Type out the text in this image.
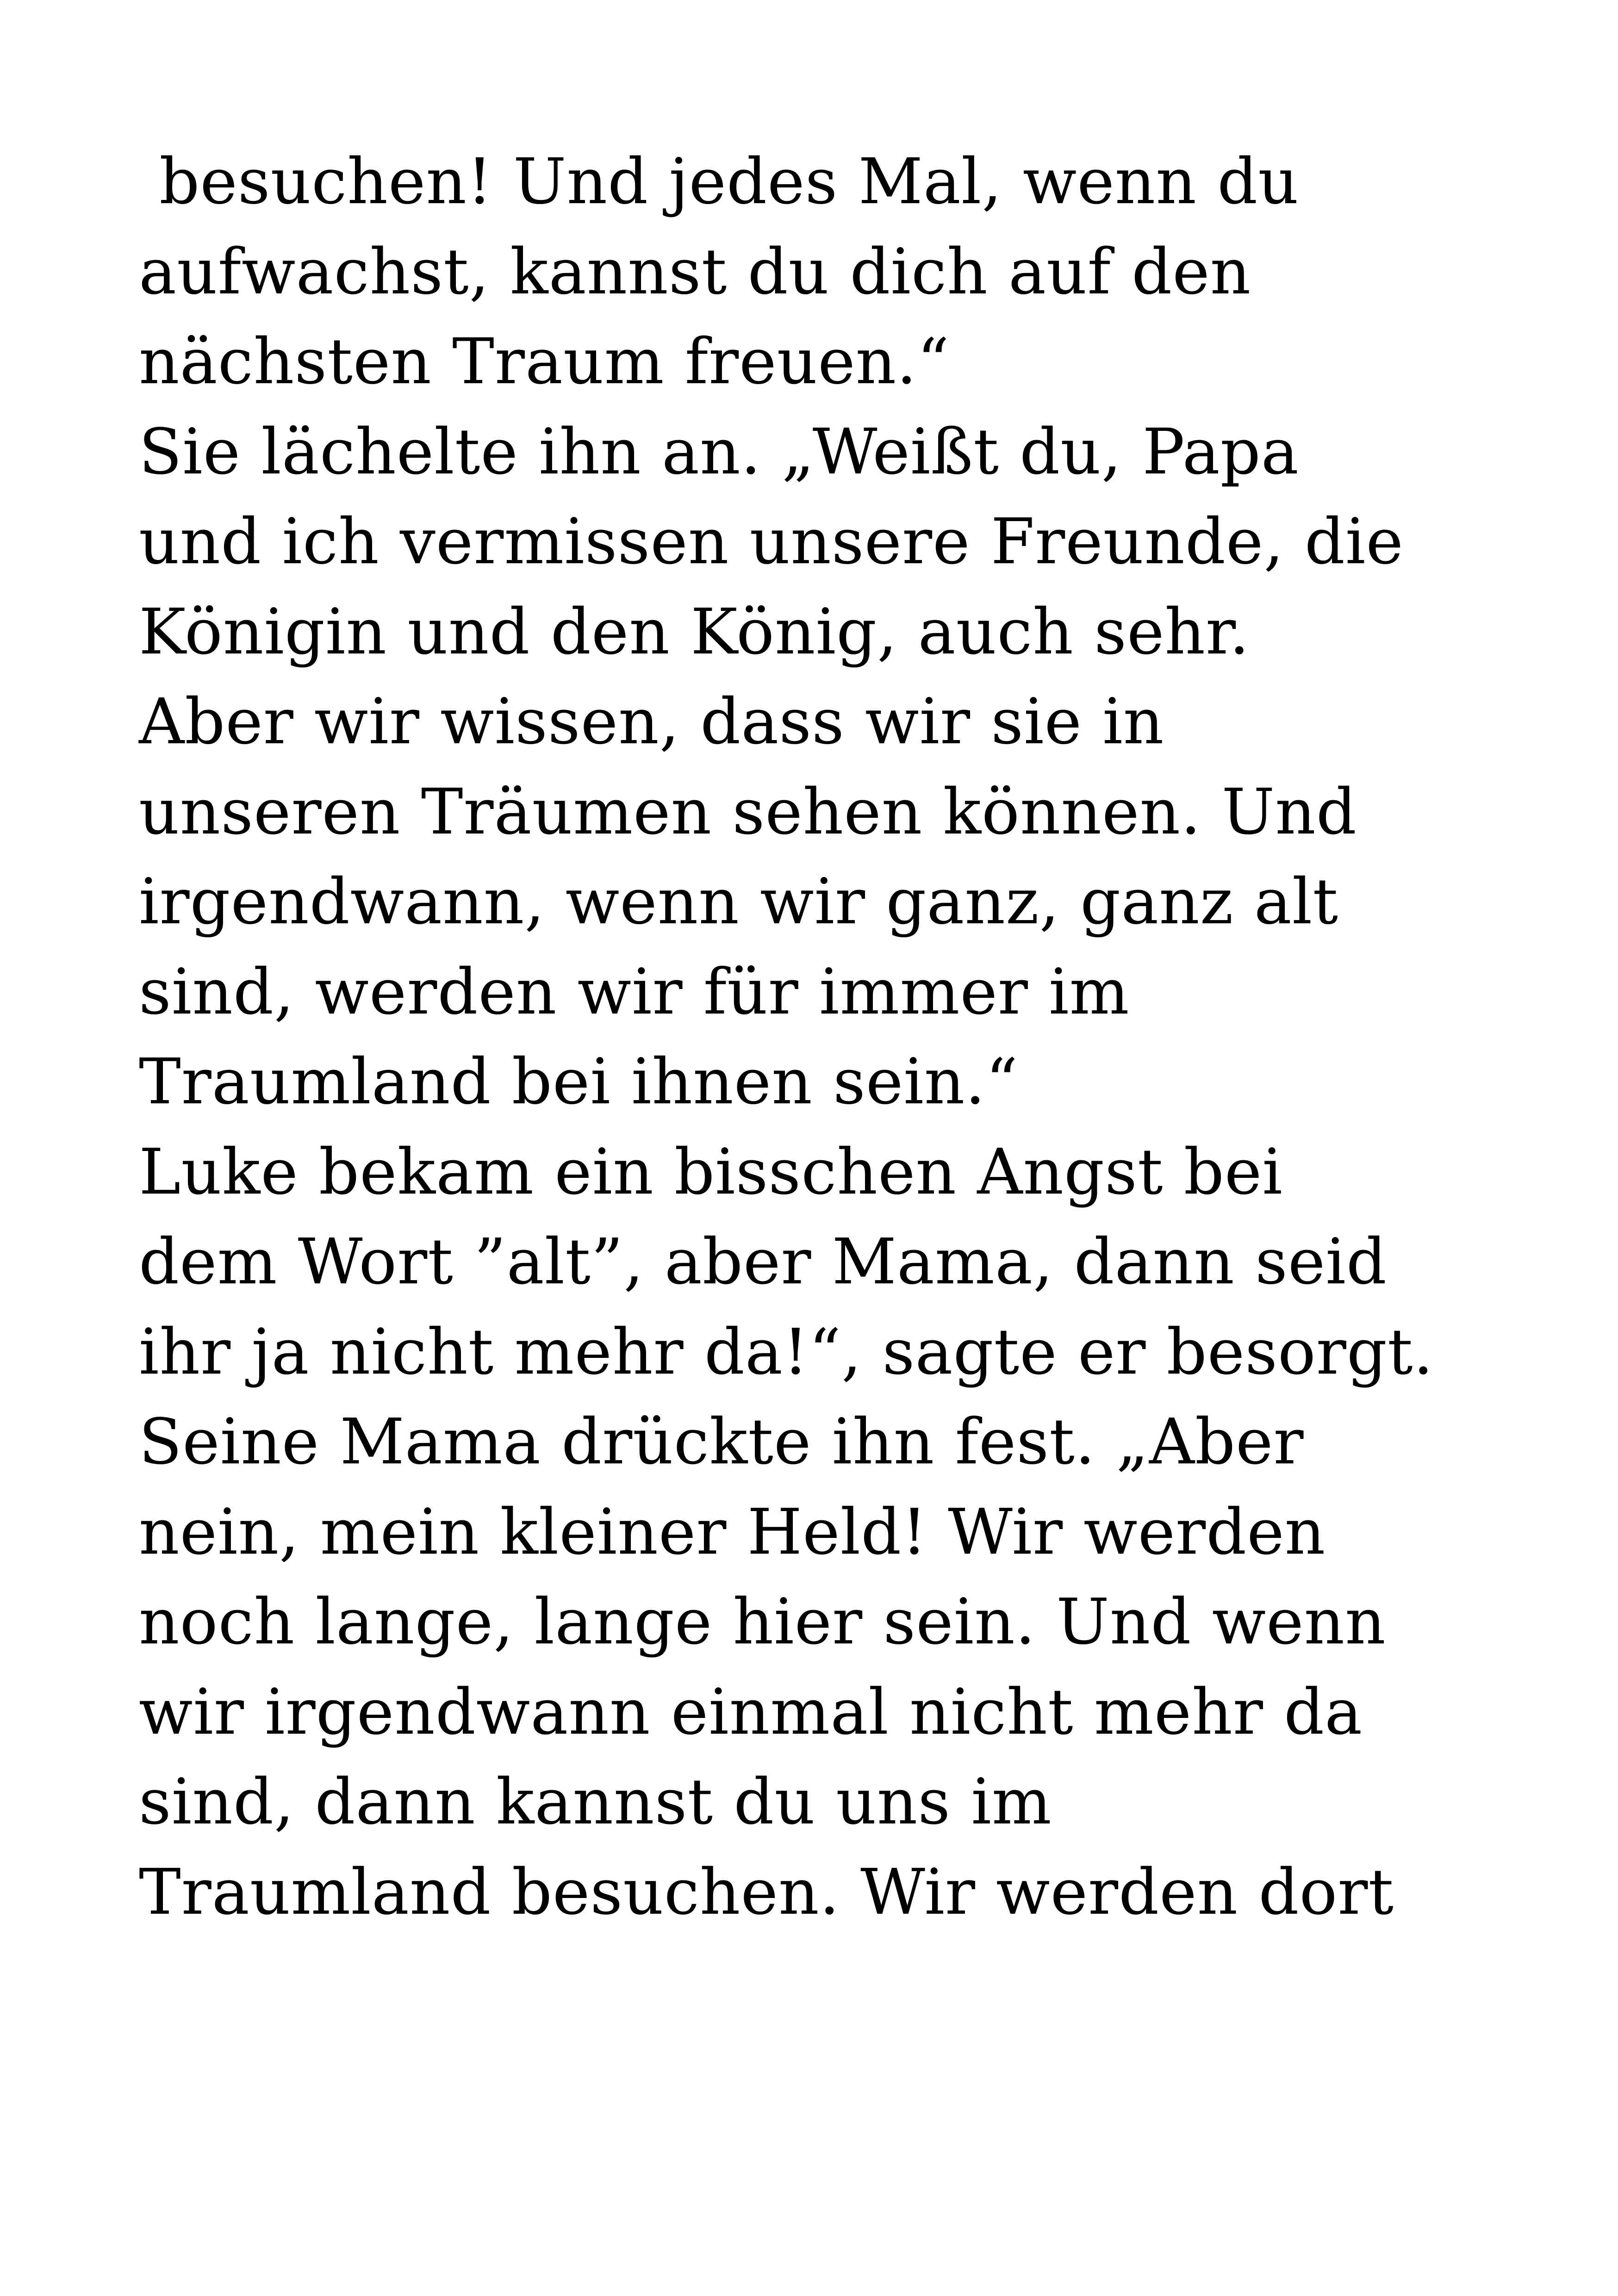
besuchen! Und jedes Mal, wenn du
aufwachst, kannst du dich auf den
nächsten Traum freuen.“
Sie lächelte ihn an. „Weißt du, Papa
und ich vermissen unsere Freunde, die
Königin und den König, auch sehr.
Aber wir wissen, dass wir sie in
unseren Träumen sehen können. Und
irgendwann, wenn wir ganz, ganz alt
sind, werden wir für immer im
Traumland bei ihnen sein.“
Luke bekam ein bisschen Angst bei
dem Wort ”alt”, aber Mama, dann seid
ihr ja nicht mehr da!“, sagte er besorgt.
Seine Mama drückte ihn fest. „Aber
nein, mein kleiner Held! Wir werden
noch lange, lange hier sein. Und wenn
wir irgendwann einmal nicht mehr da
sind, dann kannst du uns im
Traumland besuchen. Wir werden dort
